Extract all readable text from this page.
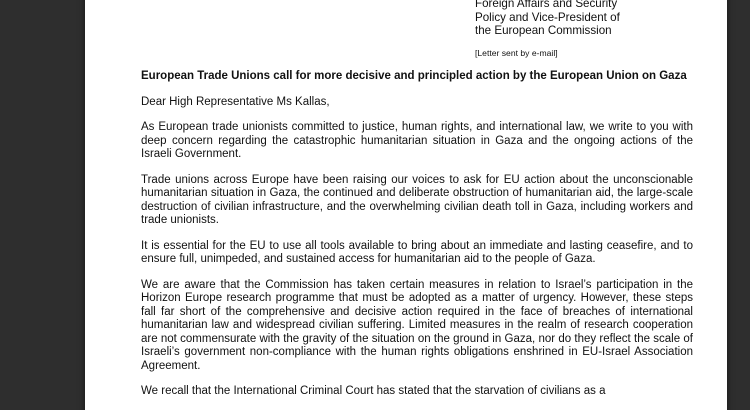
Foreign Affairs and Security
Policy and Vice-President of
the European Commission
[Letter sent by e-mail]

European Trade Unions call for more decisive and principled action by the European Union on Gaza

Dear High Representative Ms Kallas,

As European trade unionists committed to justice, human rights, and international law, we write to you with deep concern regarding the catastrophic humanitarian situation in Gaza and the ongoing actions of the Israeli Government.

Trade unions across Europe have been raising our voices to ask for EU action about the unconscionable humanitarian situation in Gaza, the continued and deliberate obstruction of humanitarian aid, the large-scale destruction of civilian infrastructure, and the overwhelming civilian death toll in Gaza, including workers and trade unionists.

It is essential for the EU to use all tools available to bring about an immediate and lasting ceasefire, and to ensure full, unimpeded, and sustained access for humanitarian aid to the people of Gaza.

We are aware that the Commission has taken certain measures in relation to Israel’s participation in the Horizon Europe research programme that must be adopted as a matter of urgency. However, these steps fall far short of the comprehensive and decisive action required in the face of breaches of international humanitarian law and widespread civilian suffering. Limited measures in the realm of research cooperation are not commensurate with the gravity of the situation on the ground in Gaza, nor do they reflect the scale of Israeli’s government non-compliance with the human rights obligations enshrined in EU-Israel Association Agreement.

We recall that the International Criminal Court has stated that the starvation of civilians as a
